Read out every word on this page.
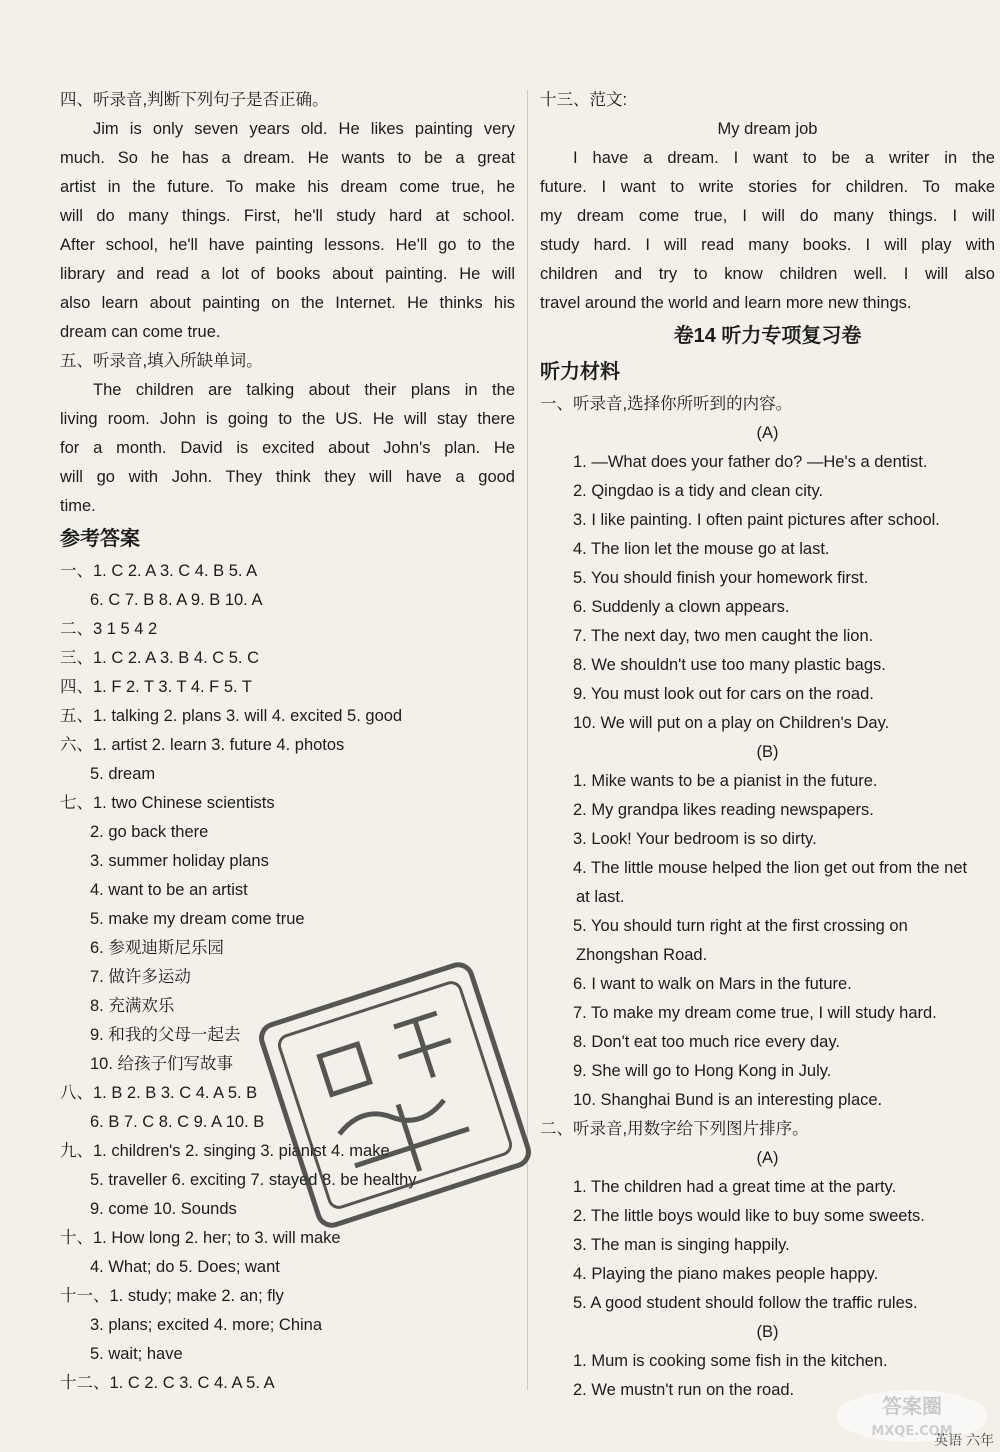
四、听录音,判断下列句子是否正确。
Jim is only seven years old. He likes painting very
much. So he has a dream. He wants to be a great
artist in the future. To make his dream come true, he
will do many things. First, he'll study hard at school.
After school, he'll have painting lessons. He'll go to the
library and read a lot of books about painting. He will
also learn about painting on the Internet. He thinks his
dream can come true.
五、听录音,填入所缺单词。
The children are talking about their plans in the
living room. John is going to the US. He will stay there
for a month. David is excited about John's plan. He
will go with John. They think they will have a good
time.
参考答案
一、1. C 2. A 3. C 4. B 5. A
6. C 7. B 8. A 9. B 10. A
二、3 1 5 4 2
三、1. C 2. A 3. B 4. C 5. C
四、1. F 2. T 3. T 4. F 5. T
五、1. talking 2. plans 3. will 4. excited 5. good
六、1. artist 2. learn 3. future 4. photos
5. dream
七、1. two Chinese scientists
2. go back there
3. summer holiday plans
4. want to be an artist
5. make my dream come true
6. 参观迪斯尼乐园
7. 做许多运动
8. 充满欢乐
9. 和我的父母一起去
10. 给孩子们写故事
八、1. B 2. B 3. C 4. A 5. B
6. B 7. C 8. C 9. A 10. B
九、1. children's 2. singing 3. pianist 4. make
5. traveller 6. exciting 7. stayed 8. be healthy
9. come 10. Sounds
十、1. How long 2. her; to 3. will make
4. What; do 5. Does; want
十一、1. study; make 2. an; fly
3. plans; excited 4. more; China
5. wait; have
十二、1. C 2. C 3. C 4. A 5. A
十三、范文:
My dream job
I have a dream. I want to be a writer in the
future. I want to write stories for children. To make
my dream come true, I will do many things. I will
study hard. I will read many books. I will play with
children and try to know children well. I will also
travel around the world and learn more new things.
卷14 听力专项复习卷
听力材料
一、听录音,选择你所听到的内容。
(A)
1. —What does your father do? —He's a dentist.
2. Qingdao is a tidy and clean city.
3. I like painting. I often paint pictures after school.
4. The lion let the mouse go at last.
5. You should finish your homework first.
6. Suddenly a clown appears.
7. The next day, two men caught the lion.
8. We shouldn't use too many plastic bags.
9. You must look out for cars on the road.
10. We will put on a play on Children's Day.
(B)
1. Mike wants to be a pianist in the future.
2. My grandpa likes reading newspapers.
3. Look! Your bedroom is so dirty.
4. The little mouse helped the lion get out from the net
at last.
5. You should turn right at the first crossing on
Zhongshan Road.
6. I want to walk on Mars in the future.
7. To make my dream come true, I will study hard.
8. Don't eat too much rice every day.
9. She will go to Hong Kong in July.
10. Shanghai Bund is an interesting place.
二、听录音,用数字给下列图片排序。
(A)
1. The children had a great time at the party.
2. The little boys would like to buy some sweets.
3. The man is singing happily.
4. Playing the piano makes people happy.
5. A good student should follow the traffic rules.
(B)
1. Mum is cooking some fish in the kitchen.
2. We mustn't run on the road.
答案圈
MXQE.COM
英语 六年
